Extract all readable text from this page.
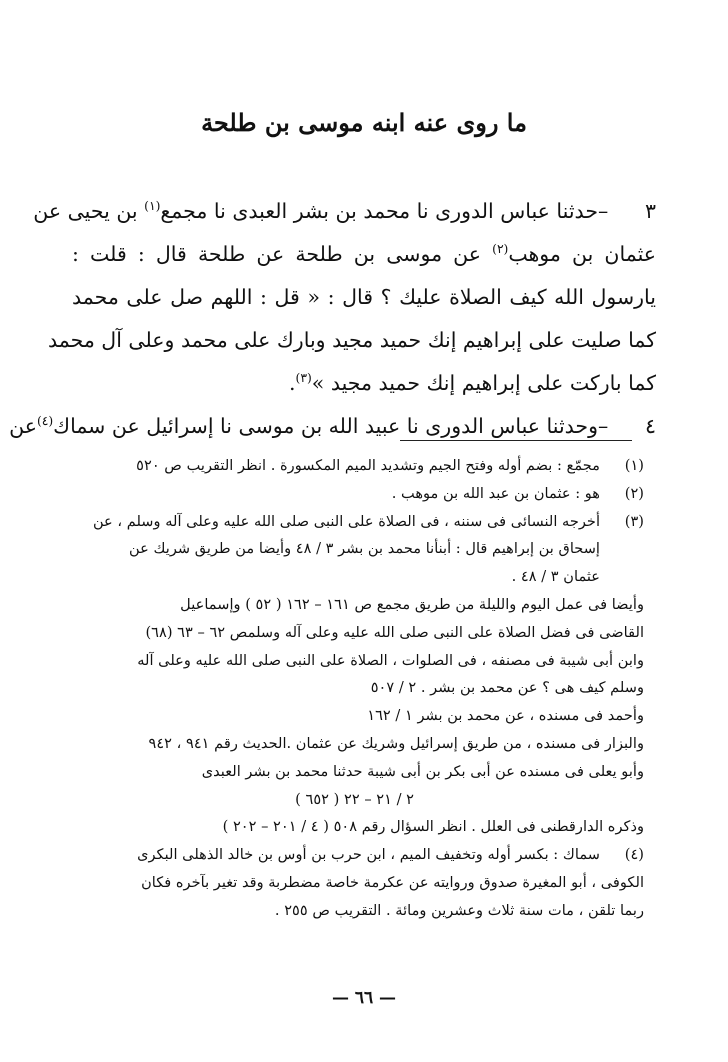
ما روى عنه ابنه موسى بن طلحة
٣ –حدثنا عباس الدورى نا محمد بن بشر العبدى نا مجمع$^{(١)}$ بن يحيى عن
عثمان بن موهب$^{(٢)}$ عن موسى بن طلحة عن طلحة قال : قلت :
يارسول الله كيف الصلاة عليك ؟ قال : « قل : اللهم صل على محمد
كما صليت على إبراهيم إنك حميد مجيد وبارك على محمد وعلى آل محمد
كما باركت على إبراهيم إنك حميد مجيد »$^{(٣)}$.
٤ –وحدثنا عباس الدورى نا عبيد الله بن موسى نا إسرائيل عن سماك$^{(٤)}$عن
(١)مجمّع : بضم أوله وفتح الجيم وتشديد الميم المكسورة . انظر التقريب ص ٥٢٠
(٢)هو : عثمان بن عبد الله بن موهب .
(٣)أخرجه النسائى فى سننه ، فى الصلاة على النبى صلى الله عليه وعلى آله وسلم ، عن
إسحاق بن إبراهيم قال : أبنأنا محمد بن بشر ٣ / ٤٨ وأيضا من طريق شريك عن
عثمان ٣ / ٤٨ .
وأيضا فى عمل اليوم والليلة من طريق مجمع ص ١٦١ – ١٦٢ ( ٥٢ ) وإسماعيل
القاضى فى فضل الصلاة على النبى صلى الله عليه وعلى آله وسلمص ٦٢ – ٦٣ (٦٨)
وابن أبى شيبة فى مصنفه ، فى الصلوات ، الصلاة على النبى صلى الله عليه وعلى آله
وسلم كيف هى ؟ عن محمد بن بشر . ٢ / ٥٠٧
وأحمد فى مسنده ، عن محمد بن بشر ١ / ١٦٢
والبزار فى مسنده ، من طريق إسرائيل وشريك عن عثمان .الحديث رقم ٩٤١ ، ٩٤٢
وأبو يعلى فى مسنده عن أبى بكر بن أبى شيبة حدثنا محمد بن بشر العبدى
٢ / ٢١ – ٢٢ ( ٦٥٢ )
وذكره الدارقطنى فى العلل . انظر السؤال رقم ٥٠٨ ( ٤ / ٢٠١ – ٢٠٢ )
(٤)سماك : بكسر أوله وتخفيف الميم ، ابن حرب بن أوس بن خالد الذهلى البكرى
الكوفى ، أبو المغيرة صدوق وروايته عن عكرمة خاصة مضطربة وقد تغير بآخره فكان
ربما تلقن ، مات سنة ثلاث وعشرين ومائة . التقريب ص ٢٥٥ .
— ٦٦ —
